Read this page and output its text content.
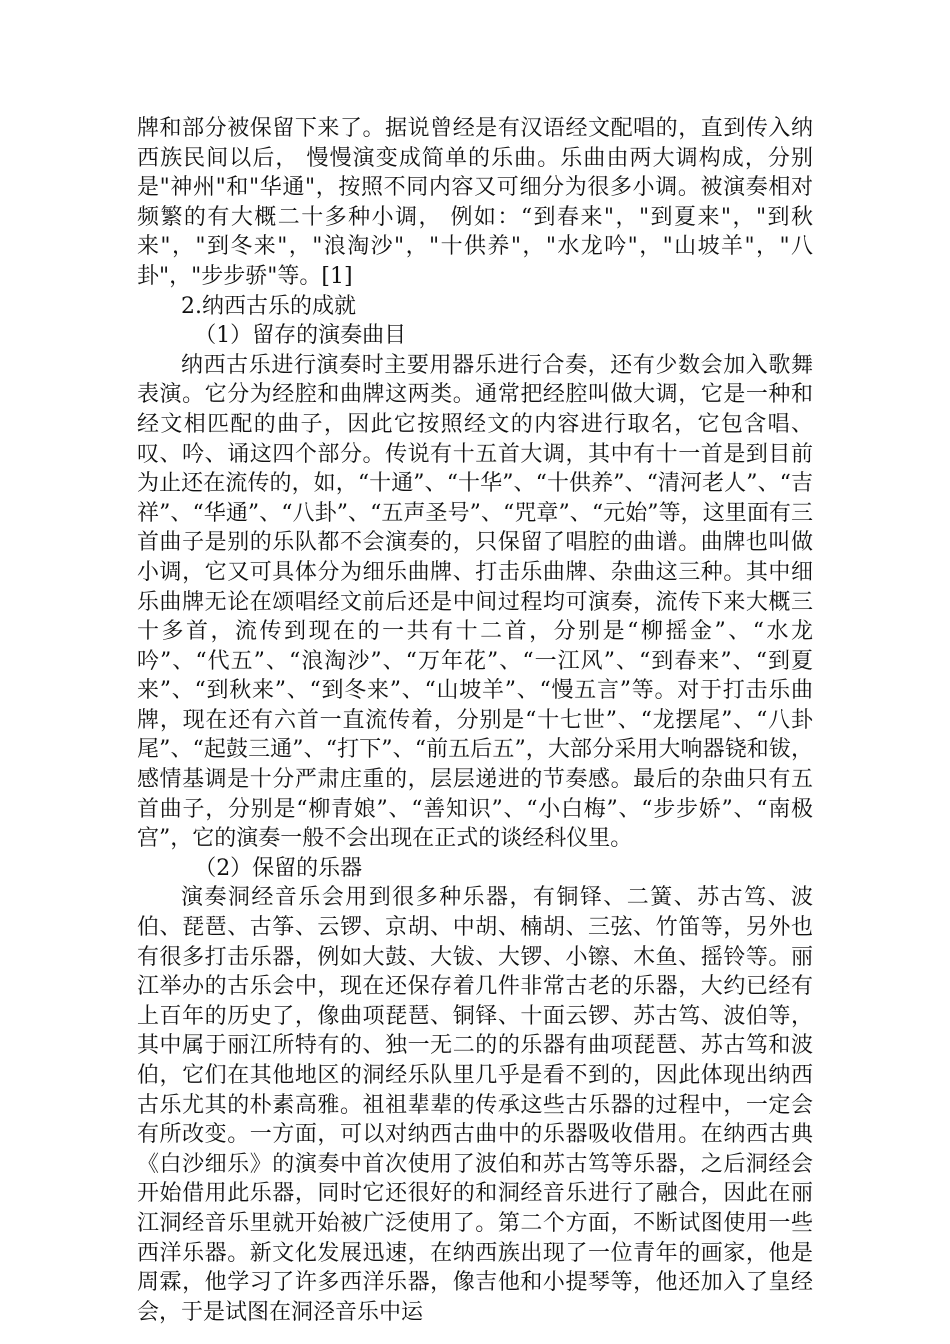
牌和部分被保留下来了。据说曾经是有汉语经文配唱的，直到传入纳西族民间以后， 慢慢演变成简单的乐曲。乐曲由两大调构成，分别是"神州"和"华通"，按照不同内容又可细分为很多小调。被演奏相对频繁的有大概二十多种小调， 例如：“到春来"，"到夏来"，"到秋来"，"到冬来"，"浪淘沙"，"十供养"，"水龙吟"，"山坡羊"，"八卦"，"步步骄"等。[1]

2.纳西古乐的成就

（1）留存的演奏曲目

纳西古乐进行演奏时主要用器乐进行合奏，还有少数会加入歌舞表演。它分为经腔和曲牌这两类。通常把经腔叫做大调，它是一种和经文相匹配的曲子，因此它按照经文的内容进行取名，它包含唱、叹、吟、诵这四个部分。传说有十五首大调，其中有十一首是到目前为止还在流传的，如，“十通”、“十华”、“十供养”、“清河老人”、“吉祥”、“华通”、“八卦”、“五声圣号”、“咒章”、“元始”等，这里面有三首曲子是别的乐队都不会演奏的，只保留了唱腔的曲谱。曲牌也叫做小调，它又可具体分为细乐曲牌、打击乐曲牌、杂曲这三种。其中细乐曲牌无论在颂唱经文前后还是中间过程均可演奏，流传下来大概三十多首，流传到现在的一共有十二首，分别是“柳摇金”、“水龙吟”、“代五”、“浪淘沙”、“万年花”、“一江风”、“到春来”、“到夏来”、“到秋来”、“到冬来”、“山坡羊”、“慢五言”等。对于打击乐曲牌，现在还有六首一直流传着，分别是“十七世”、“龙摆尾”、“八卦尾”、“起鼓三通”、“打下”、“前五后五”，大部分采用大响器铙和钹，感情基调是十分严肃庄重的，层层递进的节奏感。最后的杂曲只有五首曲子，分别是“柳青娘”、“善知识”、“小白梅”、“步步娇”、“南极宫”，它的演奏一般不会出现在正式的谈经科仪里。

（2）保留的乐器

演奏洞经音乐会用到很多种乐器，有铜铎、二簧、苏古笃、波伯、琵琶、古筝、云锣、京胡、中胡、楠胡、三弦、竹笛等，另外也有很多打击乐器，例如大鼓、大钹、大锣、小镲、木鱼、摇铃等。丽江举办的古乐会中，现在还保存着几件非常古老的乐器，大约已经有上百年的历史了，像曲项琵琶、铜铎、十面云锣、苏古笃、波伯等，其中属于丽江所特有的、独一无二的的乐器有曲项琵琶、苏古笃和波伯，它们在其他地区的洞经乐队里几乎是看不到的，因此体现出纳西古乐尤其的朴素高雅。祖祖辈辈的传承这些古乐器的过程中，一定会有所改变。一方面，可以对纳西古曲中的乐器吸收借用。在纳西古典《白沙细乐》的演奏中首次使用了波伯和苏古笃等乐器，之后洞经会开始借用此乐器，同时它还很好的和洞经音乐进行了融合，因此在丽江洞经音乐里就开始被广泛使用了。第二个方面，不断试图使用一些西洋乐器。新文化发展迅速，在纳西族出现了一位青年的画家，他是周霖，他学习了许多西洋乐器，像吉他和小提琴等，他还加入了皇经会，于是试图在洞泾音乐中运
